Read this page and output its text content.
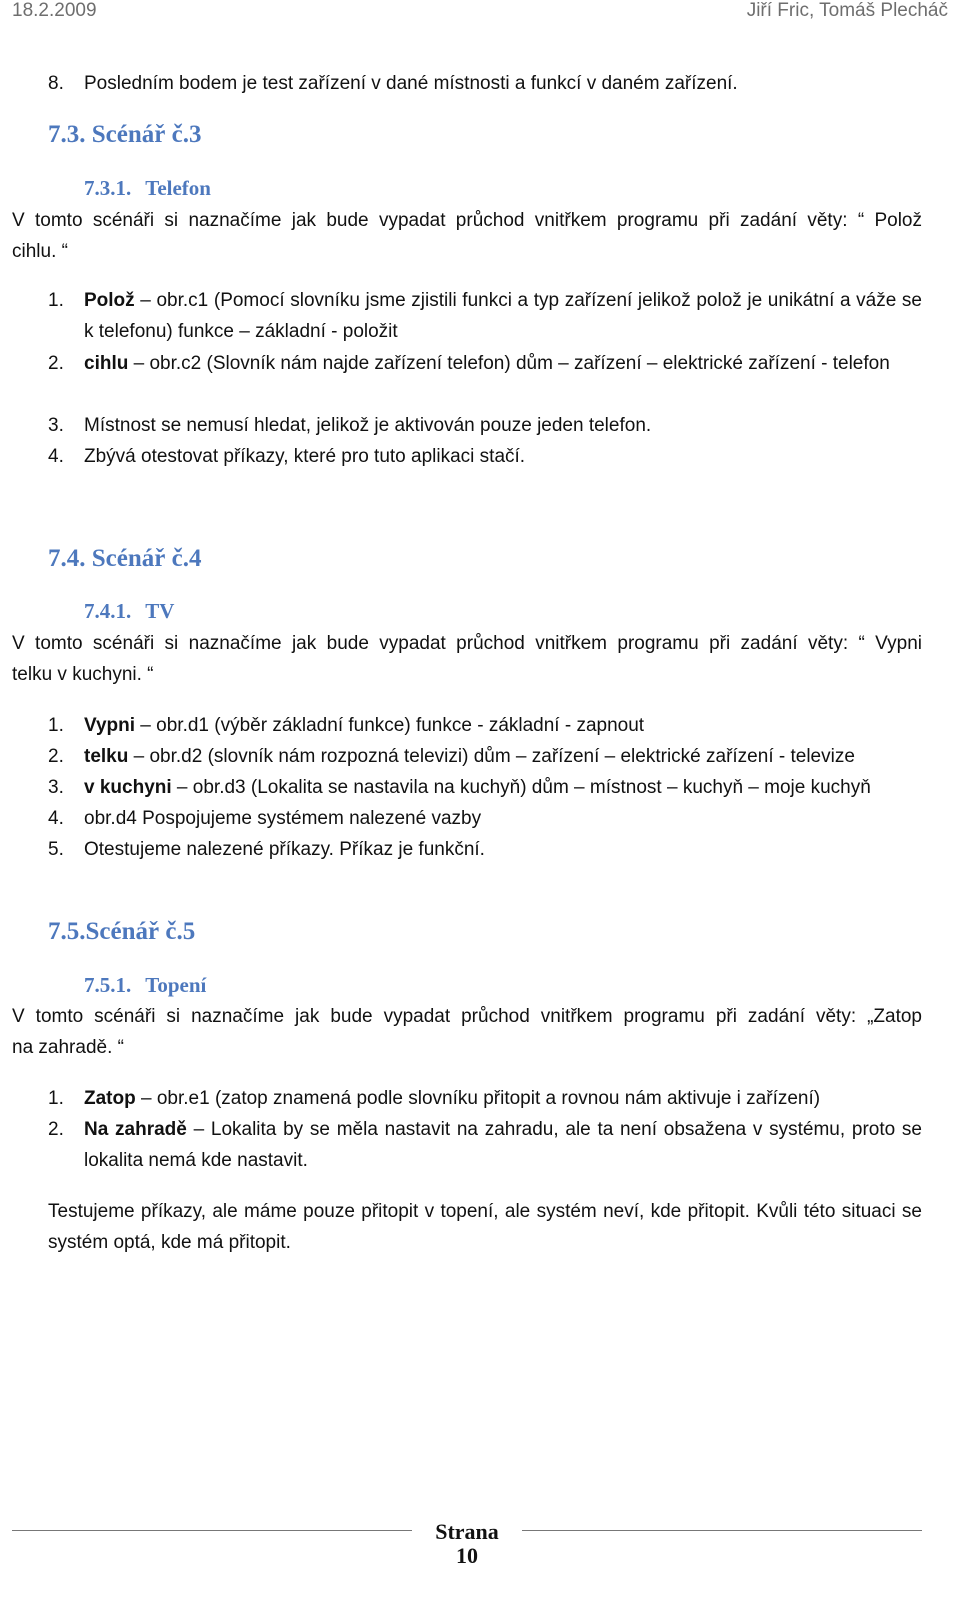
18.2.2009	Jiří Fric, Tomáš Plecháč
8. Posledním bodem je test zařízení v dané místnosti a funkcí v daném zařízení.
7.3. Scénář č.3
7.3.1. Telefon
V tomto scénáři si naznačíme jak bude vypadat průchod vnitřkem programu při zadání věty: “ Polož
cihlu. “
1. Polož – obr.c1 (Pomocí slovníku jsme zjistili funkci a typ zařízení jelikož polož je unikátní a váže se k telefonu) funkce – základní - položit
2. cihlu – obr.c2 (Slovník nám najde zařízení telefon) dům – zařízení – elektrické zařízení - telefon
3. Místnost se nemusí hledat, jelikož je aktivován pouze jeden telefon.
4. Zbývá otestovat příkazy, které pro tuto aplikaci stačí.
7.4. Scénář č.4
7.4.1. TV
V tomto scénáři si naznačíme jak bude vypadat průchod vnitřkem programu při zadání věty: “ Vypni
telku v kuchyni. “
1. Vypni – obr.d1 (výběr základní funkce) funkce - základní - zapnout
2. telku – obr.d2 (slovník nám rozpozná televizi) dům – zařízení – elektrické zařízení - televize
3. v kuchyni – obr.d3 (Lokalita se nastavila na kuchyň) dům – místnost – kuchyň – moje kuchyň
4. obr.d4 Pospojujeme systémem nalezené vazby
5. Otestujeme nalezené příkazy. Příkaz je funkční.
7.5.Scénář č.5
7.5.1. Topení
V tomto scénáři si naznačíme jak bude vypadat průchod vnitřkem programu při zadání věty: „Zatop
na zahradě. “
1. Zatop – obr.e1 (zatop znamená podle slovníku přitopit a rovnou nám aktivuje i zařízení)
2. Na zahradě – Lokalita by se měla nastavit na zahradu, ale ta není obsažena v systému, proto se lokalita nemá kde nastavit.
Testujeme příkazy, ale máme pouze přitopit v topení, ale systém neví, kde přitopit. Kvůli této situaci se systém optá, kde má přitopit.
Strana
10
